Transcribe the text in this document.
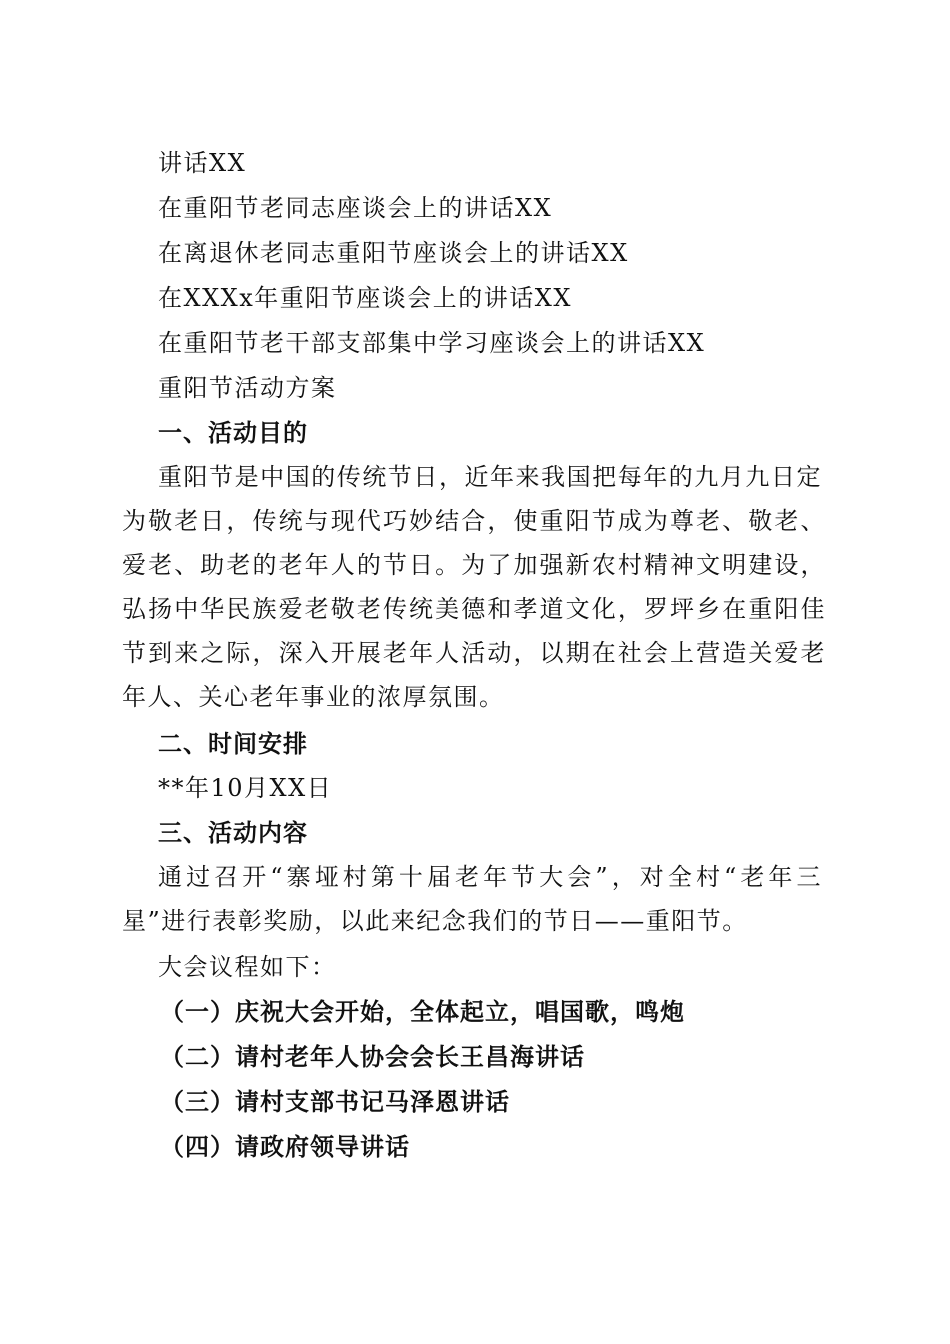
讲话XX
在重阳节老同志座谈会上的讲话XX
在离退休老同志重阳节座谈会上的讲话XX
在XXXx年重阳节座谈会上的讲话XX
在重阳节老干部支部集中学习座谈会上的讲话XX
重阳节活动方案
一、活动目的
重阳节是中国的传统节日，近年来我国把每年的九月九日定
为敬老日，传统与现代巧妙结合，使重阳节成为尊老、敬老、
爱老、助老的老年人的节日。为了加强新农村精神文明建设，
弘扬中华民族爱老敬老传统美德和孝道文化，罗坪乡在重阳佳
节到来之际，深入开展老年人活动，以期在社会上营造关爱老
年人、关心老年事业的浓厚氛围。
二、时间安排
**年10月XX日
三、活动内容
通过召开“寨垭村第十届老年节大会”，对全村“老年三
星”进行表彰奖励，以此来纪念我们的节日——重阳节。
大会议程如下：
（一）庆祝大会开始，全体起立，唱国歌，鸣炮
（二）请村老年人协会会长王昌海讲话
（三）请村支部书记马泽恩讲话
（四）请政府领导讲话
